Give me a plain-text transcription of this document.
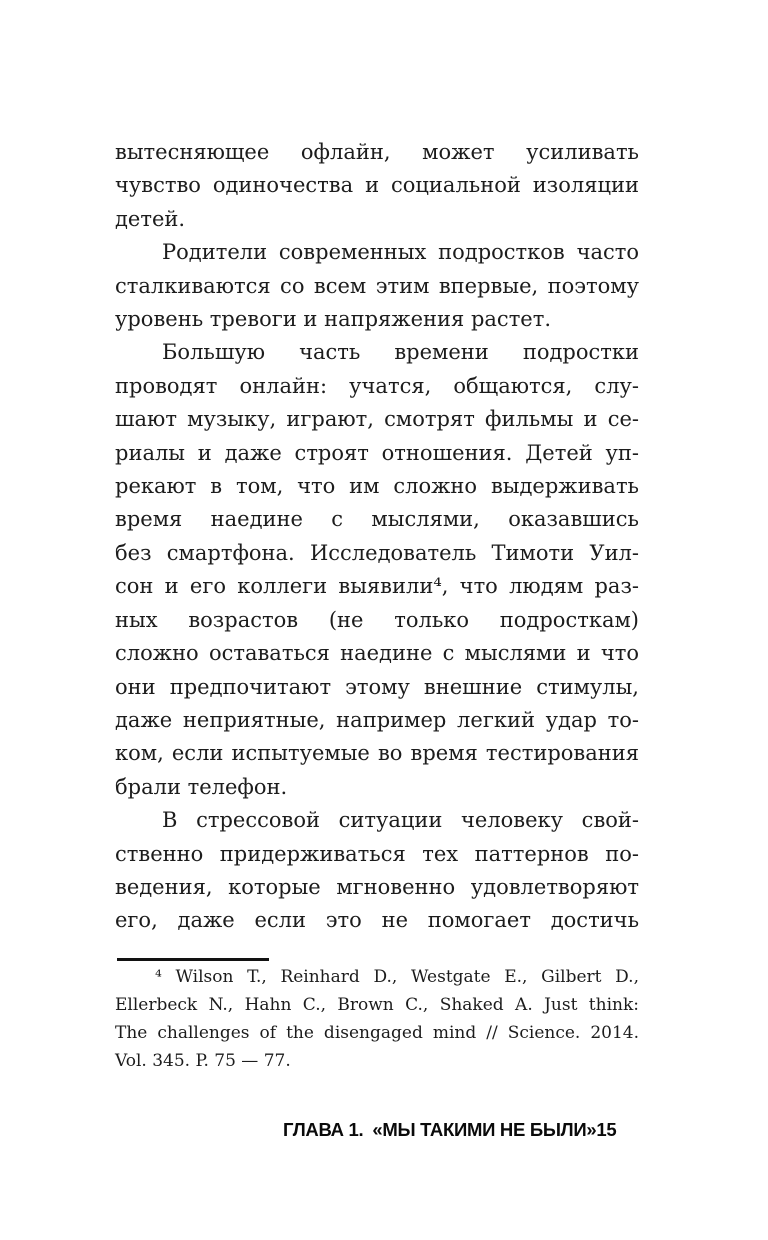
вытесняющее офлайн, может усиливать
чувство одиночества и социальной изоляции
детей.
Родители современных подростков часто
сталкиваются со всем этим впервые, поэтому
уровень тревоги и напряжения растет.
Большую часть времени подростки
проводят онлайн: учатся, общаются, слу-
шают музыку, играют, смотрят фильмы и се-
риалы и даже строят отношения. Детей уп-
рекают в том, что им сложно выдерживать
время наедине с мыслями, оказавшись
без смартфона. Исследователь Тимоти Уил-
сон и его коллеги выявили⁴, что людям раз-
ных возрастов (не только подросткам)
сложно оставаться наедине с мыслями и что
они предпочитают этому внешние стимулы,
даже неприятные, например легкий удар то-
ком, если испытуемые во время тестирования
брали телефон.
В стрессовой ситуации человеку свой-
ственно придерживаться тех паттернов по-
ведения, которые мгновенно удовлетворяют
его, даже если это не помогает достичь
⁴ Wilson T., Reinhard D., Westgate E., Gilbert D.,
Ellerbeck N., Hahn C., Brown C., Shaked A. Just think:
The challenges of the disengaged mind // Science. 2014.
Vol. 345. P. 75 — 77.
ГЛАВА 1. «МЫ ТАКИМИ НЕ БЫЛИ» 15
